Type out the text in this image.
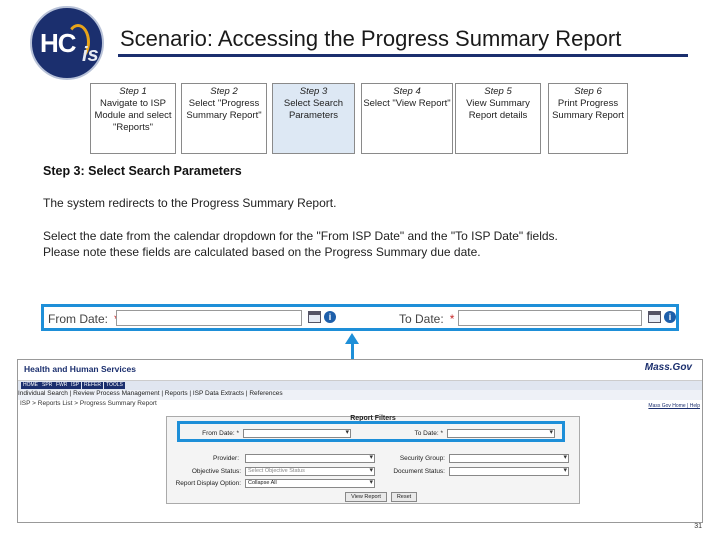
HC is
Scenario: Accessing the Progress Summary Report
Step 1
Navigate to ISP Module and select "Reports"
Step 2
Select "Progress Summary Report"
Step 3
Select Search Parameters
Step 4
Select "View Report"
Step 5
View Summary Report details
Step 6
Print Progress Summary Report
Step 3: Select Search Parameters
The system redirects to the Progress Summary Report.
Select the date from the calendar dropdown for the "From ISP Date" and the "To ISP Date" fields.
Please note these fields are calculated based on the Progress Summary due date.
From Date:	i	To Date: *	i
Health and Human Services	Mass.Gov
HOME SPR FWR ISP REFER	TOOLS
Mass Gov Home | Help
Individual Search | Review Process Management | Reports | ISP Data Extracts | References
ISP > Reports List > Progress Summary Report
Report Filters
From Date: * ▾	To Date: *
▾
Provider: ▾	Security Group:
▾
Objective Status:	Select Objective Status ▾	Document Status:
▾
Report Display Option:	Collapse All ▾
View Report	Reset
31
